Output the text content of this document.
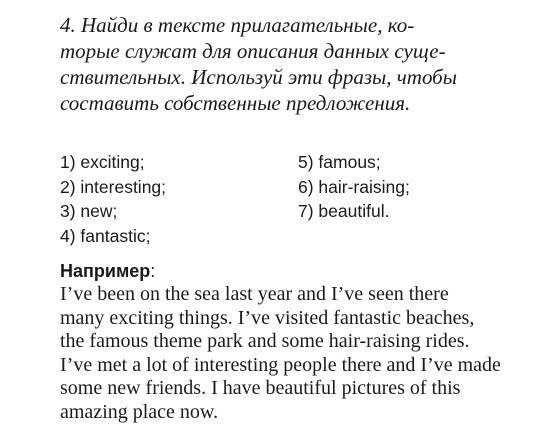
4. Найди в тексте прилагательные, ко-
торые служат для описания данных суще-
ствительных. Используй эти фразы, чтобы
составить собственные предложения.

1) exciting;
2) interesting;
3) new;
4) fantastic;
5) famous;
6) hair-raising;
7) beautiful.
Например:

I’ve been on the sea last year and I’ve seen there
many exciting things. I’ve visited fantastic beaches,
the famous theme park and some hair-raising rides.
I’ve met a lot of interesting people there and I’ve made
some new friends. I have beautiful pictures of this
amazing place now.
